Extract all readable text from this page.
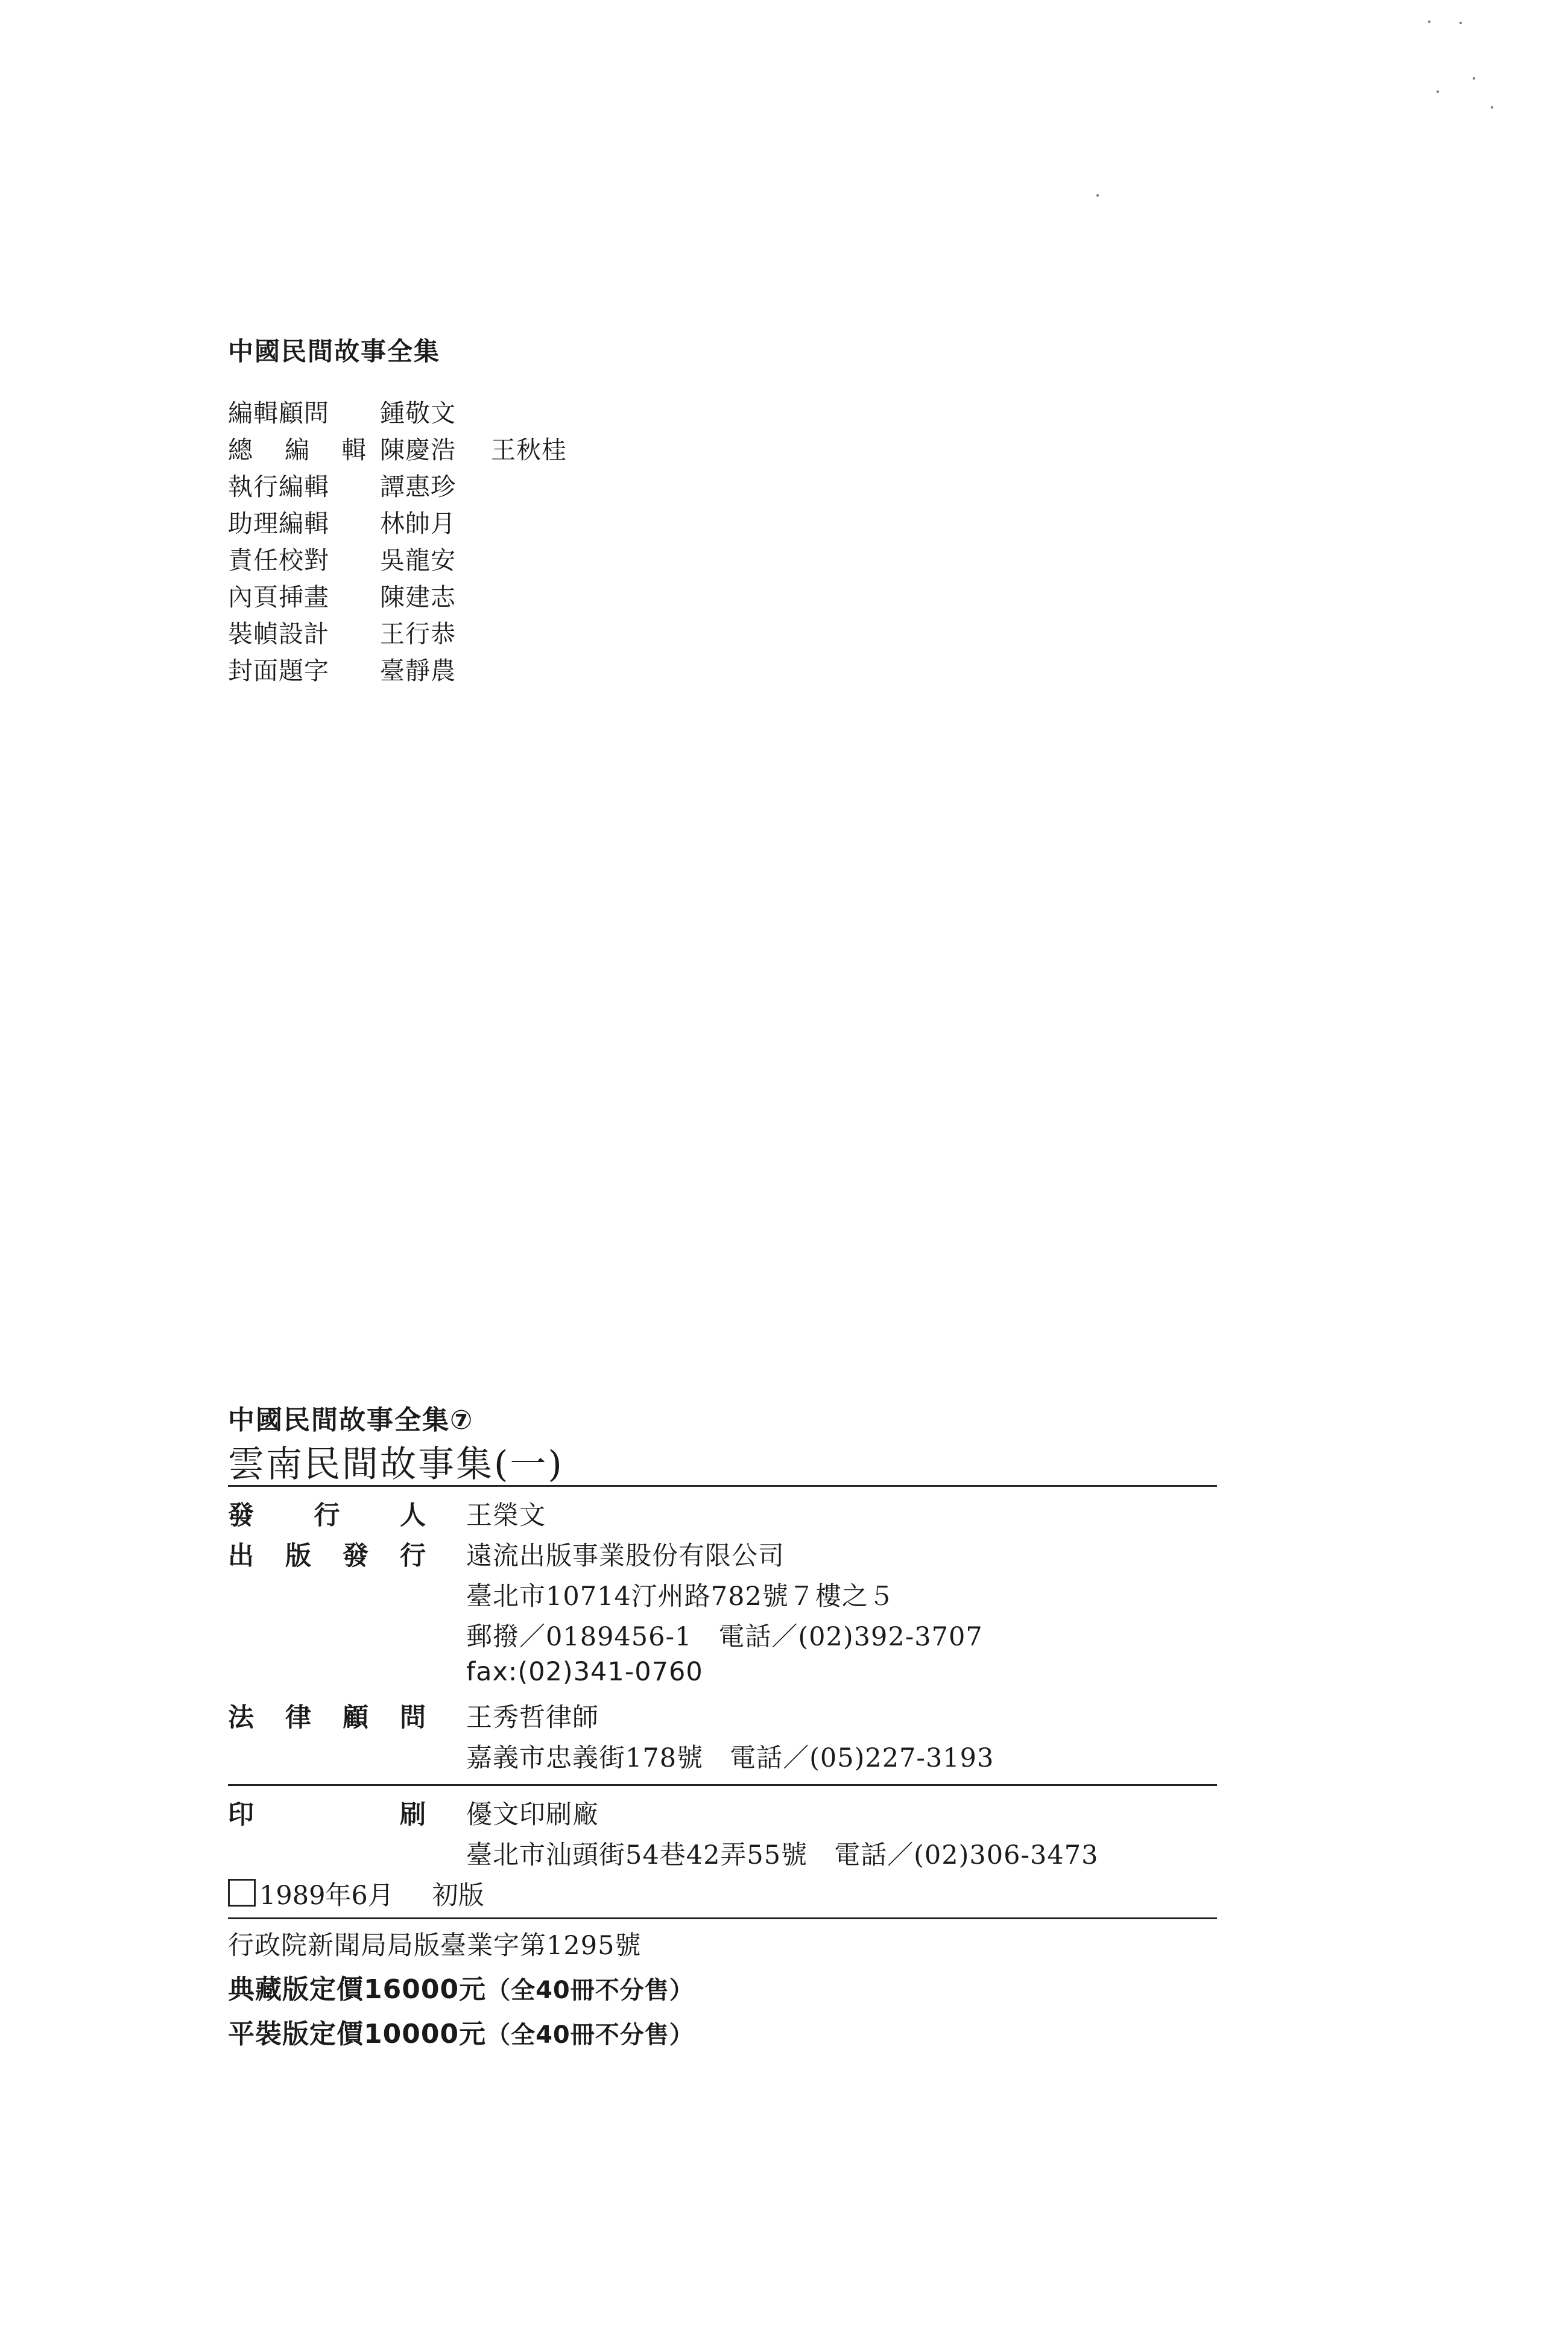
中國民間故事全集
編輯顧問	鍾敬文
總 編 輯 陳慶浩 王秋桂
執行編輯	譚惠珍
助理編輯	林帥月
責任校對	吳龍安
內頁挿畫	陳建志
裝幀設計	王行恭
封面題字	臺靜農
中國民間故事全集⑦
雲南民間故事集(一)
發 行 人 王榮文
出 版 發 行 遠流出版事業股份有限公司
臺北市10714汀州路782號７樓之５
郵撥／0189456-1　電話／(02)392-3707
fax:(02)341-0760
法 律 顧 問 王秀哲律師
嘉義市忠義街178號　電話／(05)227-3193
印	刷 優文印刷廠
臺北市汕頭街54巷42弄55號　電話／(02)306-3473
1989年6月 初版
行政院新聞局局版臺業字第1295號
典藏版定價16000元（全40冊不分售）
平裝版定價10000元（全40冊不分售）
